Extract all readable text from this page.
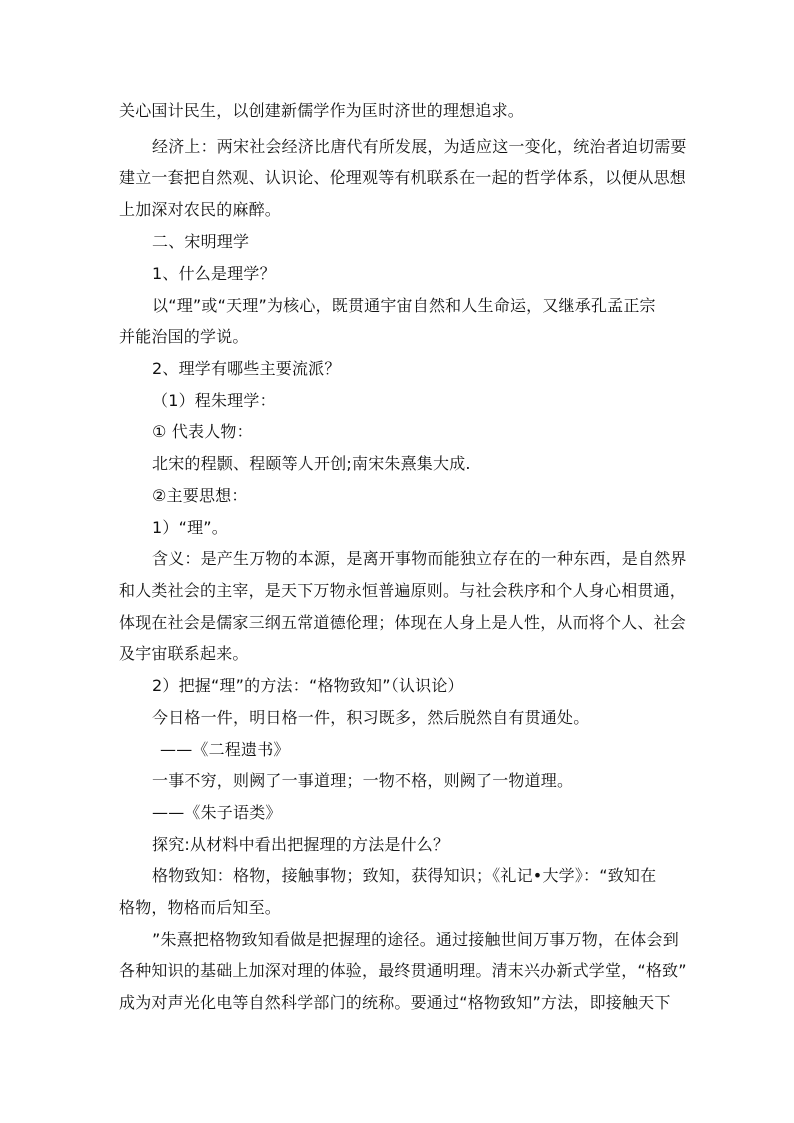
关心国计民生，以创建新儒学作为匡时济世的理想追求。
经济上：两宋社会经济比唐代有所发展，为适应这一变化，统治者迫切需要
建立一套把自然观、认识论、伦理观等有机联系在一起的哲学体系，以便从思想
上加深对农民的麻醉。
二、宋明理学
1、什么是理学？
以“理”或“天理”为核心，既贯通宇宙自然和人生命运，又继承孔孟正宗
并能治国的学说。
2、理学有哪些主要流派？
（1）程朱理学：
① 代表人物：
北宋的程颢、程颐等人开创;南宋朱熹集大成.
②主要思想：
1）“理”。
含义：是产生万物的本源，是离开事物而能独立存在的一种东西，是自然界
和人类社会的主宰，是天下万物永恒普遍原则。与社会秩序和个人身心相贯通，
体现在社会是儒家三纲五常道德伦理；体现在人身上是人性，从而将个人、社会
及宇宙联系起来。
2）把握“理”的方法：“格物致知”（认识论）
今日格一件，明日格一件，积习既多，然后脱然自有贯通处。
——《二程遗书》
一事不穷，则阙了一事道理；一物不格，则阙了一物道理。
——《朱子语类》
探究:从材料中看出把握理的方法是什么？
格物致知：格物，接触事物；致知，获得知识；《礼记•大学》：“致知在
格物，物格而后知至。
”朱熹把格物致知看做是把握理的途径。通过接触世间万事万物，在体会到
各种知识的基础上加深对理的体验，最终贯通明理。清末兴办新式学堂，“格致”
成为对声光化电等自然科学部门的统称。要通过“格物致知”方法，即接触天下
